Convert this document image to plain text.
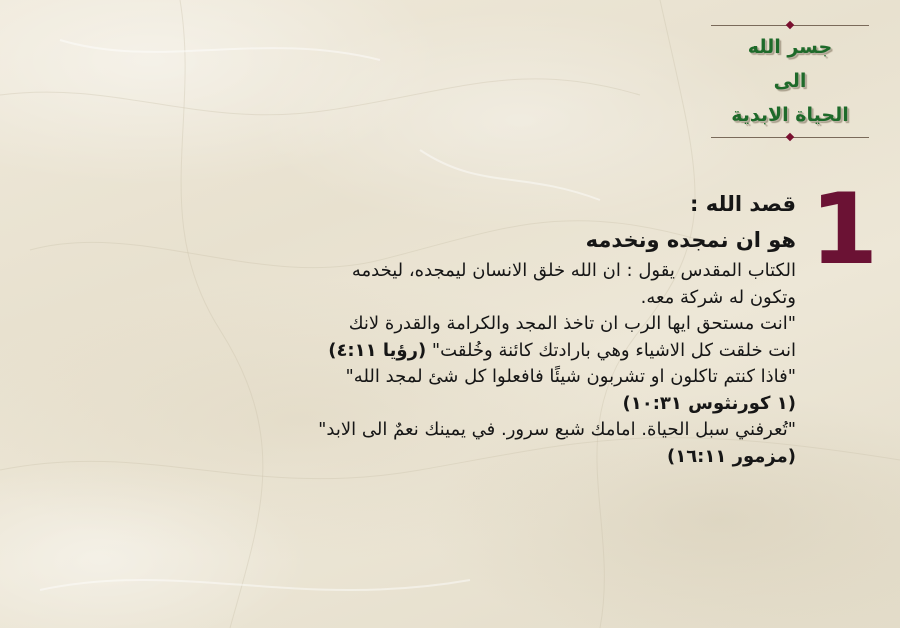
جسر الله
الى
الحياة الابدية
1
قصد الله :
هو ان نمجده ونخدمه
الكتاب المقدس يقول : ان الله خلق الانسان ليمجده، ليخدمه
وتكون له شركة معه.
"انت مستحق ايها الرب ان تاخذ المجد والكرامة والقدرة لانك
انت خلقت كل الاشياء وهي بارادتك كائنة وخُلقت" (رؤيا ٤:١١)
"فاذا كنتم تاكلون او تشربون شيئًا فافعلوا كل شئ لمجد الله"
(١ كورنثوس ١٠:٣١)
"تُعرفني سبل الحياة. امامك شبع سرور. في يمينك نعمٌ الى الابد"
(مزمور ١٦:١١)
